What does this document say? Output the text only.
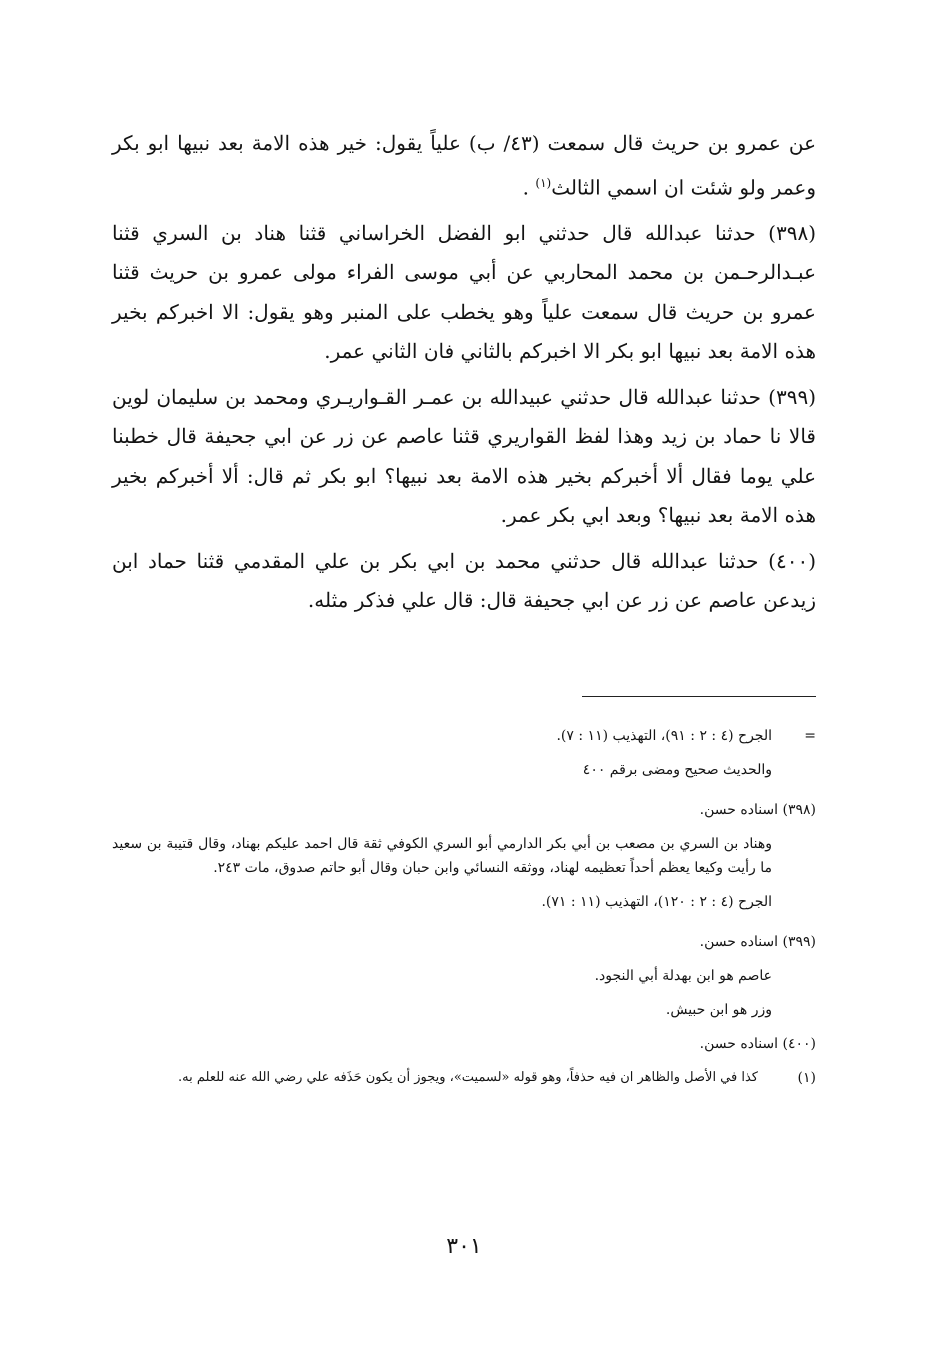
عن عمرو بن حريث قال سمعت (٤٣/ ب) علياً يقول: خير هذه الامة بعد نبيها ابو بكر وعمر ولو شئت ان اسمي الثالث$^{(١)}$ .

(٣٩٨) حدثنا عبدالله قال حدثني ابو الفضل الخراساني قثنا هناد بن السري قثنا عبـدالرحـمن بن محمد المحاربي عن أبي موسى الفراء مولى عمرو بن حريث قثنا عمرو بن حريث قال سمعت علياً وهو يخطب على المنبر وهو يقول: الا اخبركم بخير هذه الامة بعد نبيها ابو بكر الا اخبركم بالثاني فان الثاني عمر.

(٣٩٩) حدثنا عبدالله قال حدثني عبيدالله بن عمـر القـواريـري ومحمد بن سليمان لوين قالا نا حماد بن زيد وهذا لفظ القواريري قثنا عاصم عن زر عن ابي جحيفة قال خطبنا علي يوما فقال ألا أخبركم بخير هذه الامة بعد نبيها؟ ابو بكر ثم قال: ألا أخبركم بخير هذه الامة بعد نبيها؟ وبعد ابي بكر عمر.

(٤٠٠) حدثنا عبدالله قال حدثني محمد بن ابي بكر بن علي المقدمي قثنا حماد ابن زيدعن عاصم عن زر عن ابي جحيفة قال: قال علي فذكر مثله.

=
الجرح (٤ : ٢ : ٩١)، التهذيب (١١ : ٧).
والحديث صحيح ومضى برقم ٤٠٠
(٣٩٨) اسناده حسن.
وهناد بن السري بن مصعب بن أبي بكر الدارمي أبو السري الكوفي ثقة قال احمد عليكم بهناد، وقال قتيبة بن سعيد ما رأيت وكيعا يعظم أحداً تعظيمه لهناد، ووثقه النسائي وابن حبان وقال أبو حاتم صدوق، مات ٢٤٣.
الجرح (٤ : ٢ : ١٢٠)، التهذيب (١١ : ٧١).
(٣٩٩) اسناده حسن.
عاصم هو ابن بهدلة أبي النجود.
وزر هو ابن حبيش.
(٤٠٠) اسناده حسن.
(١)
كذا في الأصل والظاهر ان فيه حذفاً، وهو قوله «لسميت»، ويجوز أن يكون حَذَفه علي رضي الله عنه للعلم به.
٣٠١
